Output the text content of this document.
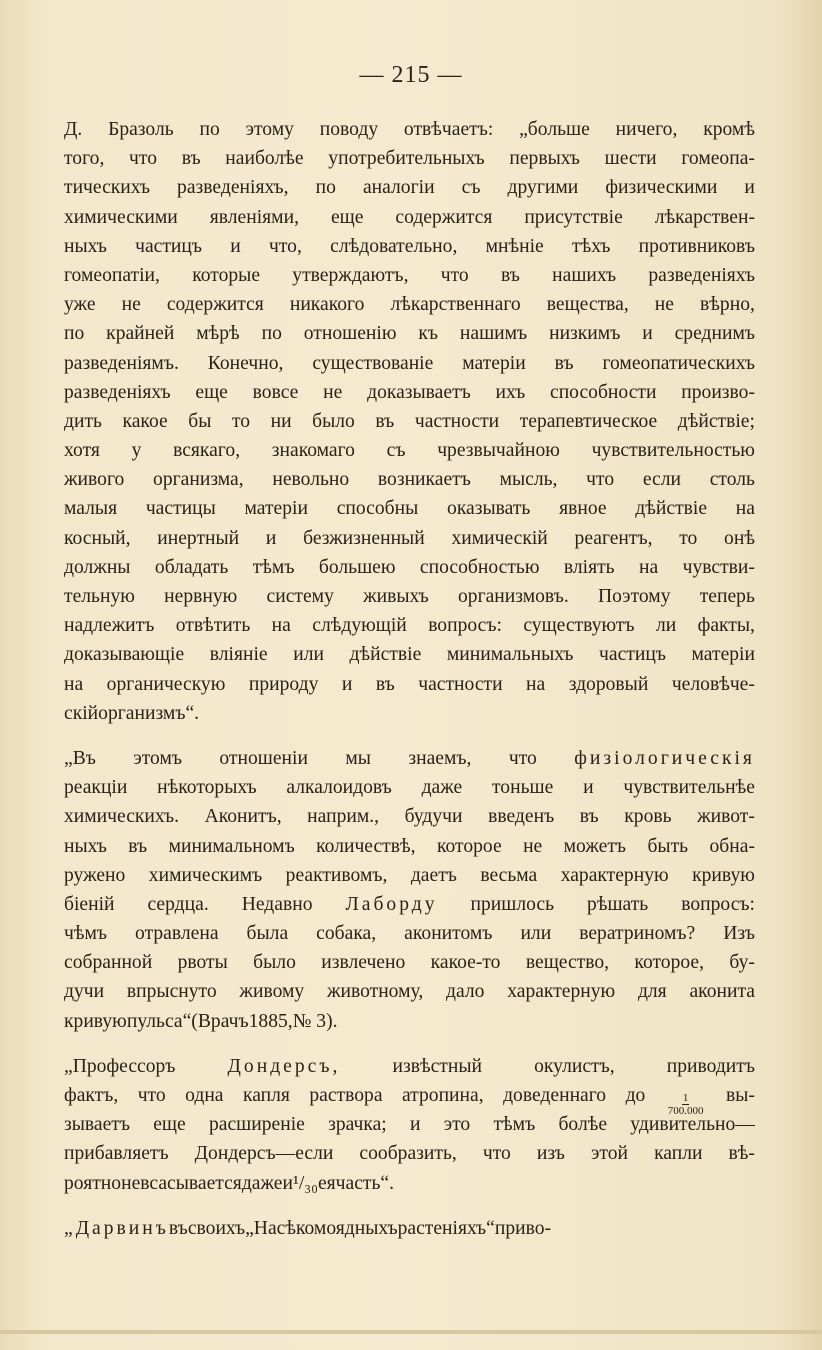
— 215 —
Д. Бразоль по этому поводу отвѣчаетъ: „больше ничего, кромѣ
того, что въ наиболѣе употребительныхъ первыхъ шести гомеопа-
тическихъ разведеніяхъ, по аналогіи съ другими физическими и
химическими явленіями, еще содержится присутствіе лѣкарствен-
ныхъ частицъ и что, слѣдовательно, мнѣніе тѣхъ противниковъ
гомеопатіи, которые утверждаютъ, что въ нашихъ разведеніяхъ
уже не содержится никакого лѣкарственнаго вещества, не вѣрно,
по крайней мѣрѣ по отношенію къ нашимъ низкимъ и среднимъ
разведеніямъ. Конечно, существованіе матеріи въ гомеопатическихъ
разведеніяхъ еще вовсе не доказываетъ ихъ способности произво-
дить какое бы то ни было въ частности терапевтическое дѣйствіе;
хотя у всякаго, знакомаго съ чрезвычайною чувствительностью
живого организма, невольно возникаетъ мысль, что если столь
малыя частицы матеріи способны оказывать явное дѣйствіе на
косный, инертный и безжизненный химическій реагентъ, то онѣ
должны обладать тѣмъ большею способностью вліять на чувстви-
тельную нервную систему живыхъ организмовъ. Поэтому теперь
надлежитъ отвѣтить на слѣдующій вопросъ: существуютъ ли факты,
доказывающіе вліяніе или дѣйствіе минимальныхъ частицъ матеріи
на органическую природу и въ частности на здоровый человѣче-
скій организмъ“.
„Въ этомъ отношеніи мы знаемъ, что физіологическія
реакціи нѣкоторыхъ алкалоидовъ даже тоньше и чувствительнѣе
химическихъ. Аконитъ, наприм., будучи введенъ въ кровь живот-
ныхъ въ минимальномъ количествѣ, которое не можетъ быть обна-
ружено химическимъ реактивомъ, даетъ весьма характерную кривую
біеній сердца. Недавно Лаборду пришлось рѣшать вопросъ:
чѣмъ отравлена была собака, аконитомъ или вератриномъ? Изъ
собранной рвоты было извлечено какое-то вещество, которое, бу-
дучи впрыснуто живому животному, дало характерную для аконита
кривую пульса“ (Врачъ 1885, № 3).
„Профессоръ	Дондерсъ,	извѣстный	окулистъ,	приводитъ
фактъ, что одна капля раствора атропина, доведеннаго до $\frac{1}{700.000} вы-$
зываетъ еще расширеніе зрачка; и это тѣмъ болѣе удивительно—
прибавляетъ Дондерсъ—если сообразить, что изъ этой капли вѣ-
роятно не всасывается даже и ¹/₃₀ ея часть“.
„Дарвинъ въ своихъ „Насѣкомоядныхъ растеніяхъ“ приво-
